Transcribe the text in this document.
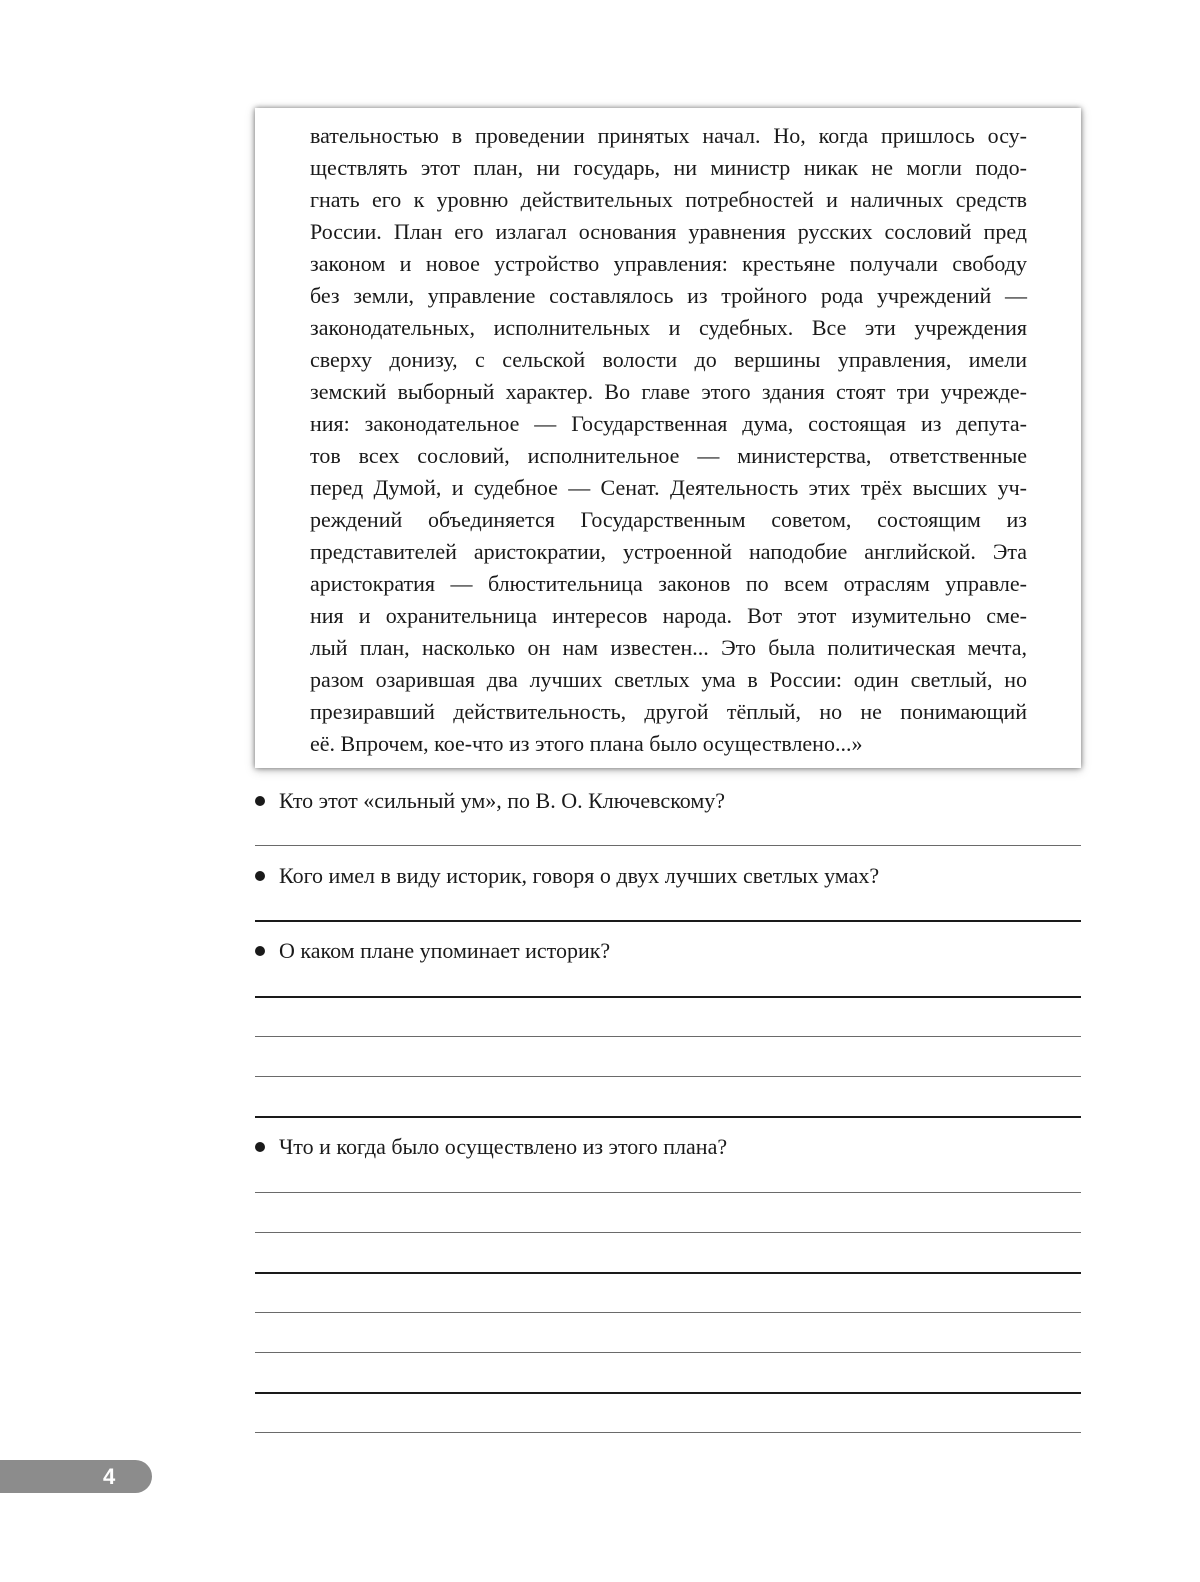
вательностью в проведении принятых начал. Но, когда пришлось осу-
ществлять этот план, ни государь, ни министр никак не могли подо-
гнать его к уровню действительных потребностей и наличных средств
России. План его излагал основания уравнения русских сословий пред
законом и новое устройство управления: крестьяне получали свободу
без земли, управление составлялось из тройного рода учреждений —
законодательных, исполнительных и судебных. Все эти учреждения
сверху донизу, с сельской волости до вершины управления, имели
земский выборный характер. Во главе этого здания стоят три учрежде-
ния: законодательное — Государственная дума, состоящая из депута-
тов всех сословий, исполнительное — министерства, ответственные
перед Думой, и судебное — Сенат. Деятельность этих трёх высших уч-
реждений объединяется Государственным советом, состоящим из
представителей аристократии, устроенной наподобие английской. Эта
аристократия — блюстительница законов по всем отраслям управле-
ния и охранительница интересов народа. Вот этот изумительно сме-
лый план, насколько он нам известен... Это была политическая мечта,
разом озарившая два лучших светлых ума в России: один светлый, но
презиравший действительность, другой тёплый, но не понимающий
её. Впрочем, кое-что из этого плана было осуществлено...»
Кто этот «сильный ум», по В. О. Ключевскому?
Кого имел в виду историк, говоря о двух лучших светлых умах?
О каком плане упоминает историк?
Что и когда было осуществлено из этого плана?
4
